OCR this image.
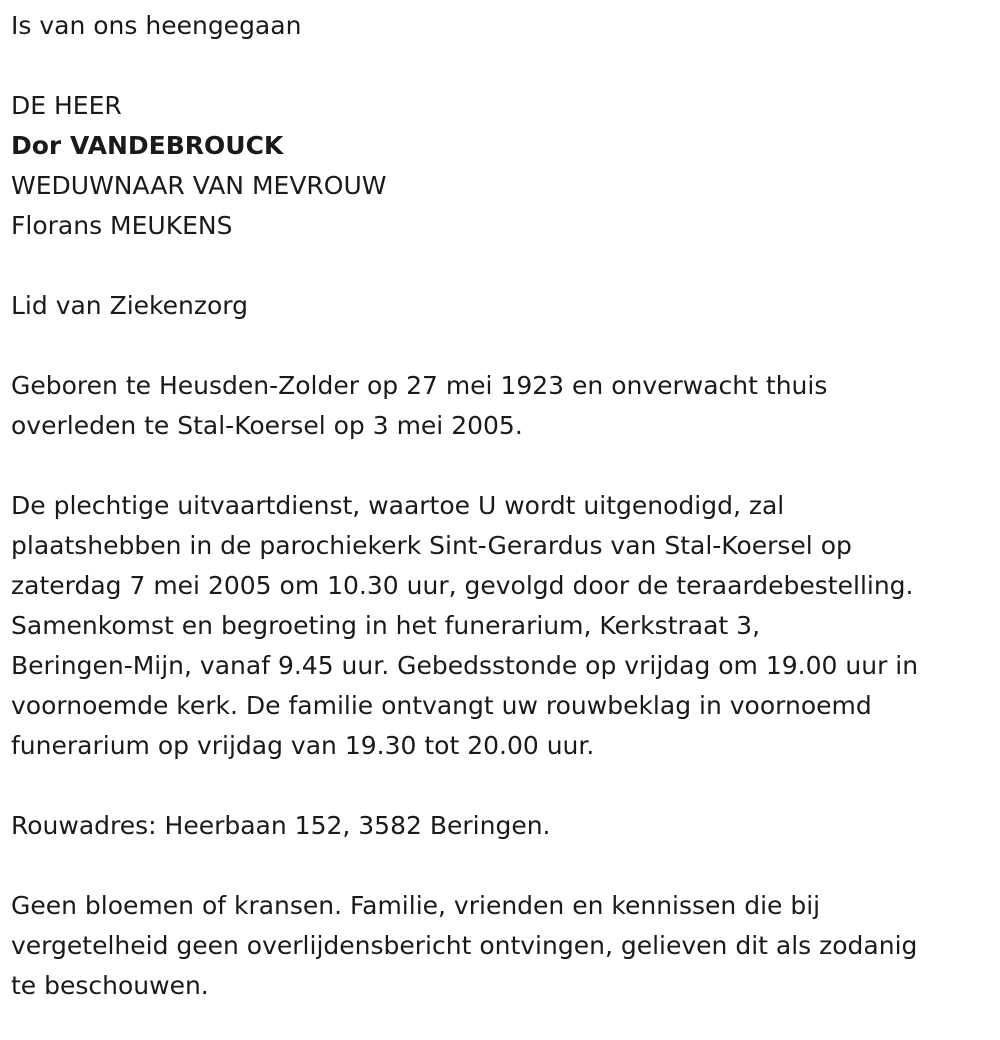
Is van ons heengegaan
DE HEER
Dor VANDEBROUCK
WEDUWNAAR VAN MEVROUW
Florans MEUKENS
Lid van Ziekenzorg
Geboren te Heusden-Zolder op 27 mei 1923 en onverwacht thuis
overleden te Stal-Koersel op 3 mei 2005.
De plechtige uitvaartdienst, waartoe U wordt uitgenodigd, zal
plaatshebben in de parochiekerk Sint-Gerardus van Stal-Koersel op
zaterdag 7 mei 2005 om 10.30 uur, gevolgd door de teraardebestelling.
Samenkomst en begroeting in het funerarium, Kerkstraat 3,
Beringen-Mijn, vanaf 9.45 uur. Gebedsstonde op vrijdag om 19.00 uur in
voornoemde kerk. De familie ontvangt uw rouwbeklag in voornoemd
funerarium op vrijdag van 19.30 tot 20.00 uur.
Rouwadres: Heerbaan 152, 3582 Beringen.
Geen bloemen of kransen. Familie, vrienden en kennissen die bij
vergetelheid geen overlijdensbericht ontvingen, gelieven dit als zodanig
te beschouwen.
